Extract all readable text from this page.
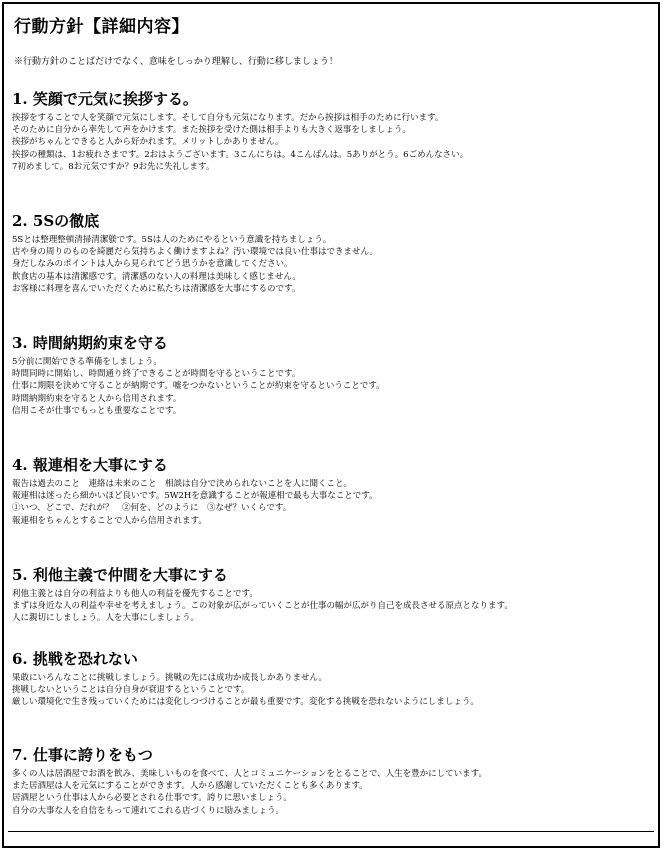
行動方針【詳細内容】
※行動方針のことばだけでなく、意味をしっかり理解し、行動に移しましょう！
1. 笑顔で元気に挨拶する。

挨拶をすることで人を笑顔で元気にします。そして自分も元気になります。だから挨拶は相手のために行います。

そのために自分から率先して声をかけます。また挨拶を受けた側は相手よりも大きく返事をしましょう。

挨拶がちゃんとできると人から好かれます。メリットしかありません。

挨拶の種類は、1お疲れさまです。2おはようございます。3こんにちは。4こんばんは。5ありがとう。6ごめんなさい。

7初めまして。8お元気ですか？9お先に失礼します。

2. 5Sの徹底

5Sとは整理整頓清掃清潔躾です。5Sは人のためにやるという意識を持ちましょう。

店や身の周りのものを綺麗だら気持ちよく働けますよね？汚い環境では良い仕事はできません。

身だしなみのポイントは人から見られてどう思うかを意識してください。

飲食店の基本は清潔感です。清潔感のない人の料理は美味しく感じません。

お客様に料理を喜んでいただくために私たちは清潔感を大事にするのです。

3. 時間納期約束を守る

5分前に開始できる準備をしましょう。

時間同時に開始し、時間通り終了できることが時間を守るということです。

仕事に期限を決めて守ることが納期です。嘘をつかないということが約束を守るということです。

時間納期約束を守ると人から信用されます。

信用こそが仕事でもっとも重要なことです。

4. 報連相を大事にする

報告は過去のこと　連絡は未来のこと　相談は自分で決められないことを人に聞くこと。

報連相は迷ったら細かいほど良いです。5W2Hを意識することが報連相で最も大事なことです。

①いつ、どこで、だれが？　②何を、どのように　③なぜ？いくらです。

報連相をちゃんとすることで人から信用されます。

5. 利他主義で仲間を大事にする

利他主義とは自分の利益よりも他人の利益を優先することです。

まずは身近な人の利益や幸せを考えましょう。この対象が広がっていくことが仕事の幅が広がり自己を成長させる原点となります。

人に親切にしましょう。人を大事にしましょう。

6. 挑戦を恐れない

果敢にいろんなことに挑戦しましょう。挑戦の先には成功か成長しかありません。

挑戦しないということは自分自身が衰退するということです。

厳しい環境化で生き残っていくためには変化しつづけることが最も重要です。変化する挑戦を恐れないようにしましょう。

7. 仕事に誇りをもつ

多くの人は居酒屋でお酒を飲み、美味しいものを食べて、人とコミュニケーションをとることで、人生を豊かにしています。

また居酒屋は人を元気にすることができます。人から感謝していただくことも多くあります。

居酒屋という仕事は人から必要とされる仕事です。誇りに思いましょう。

自分の大事な人を自信をもって連れてこれる店づくりに励みましょう。
